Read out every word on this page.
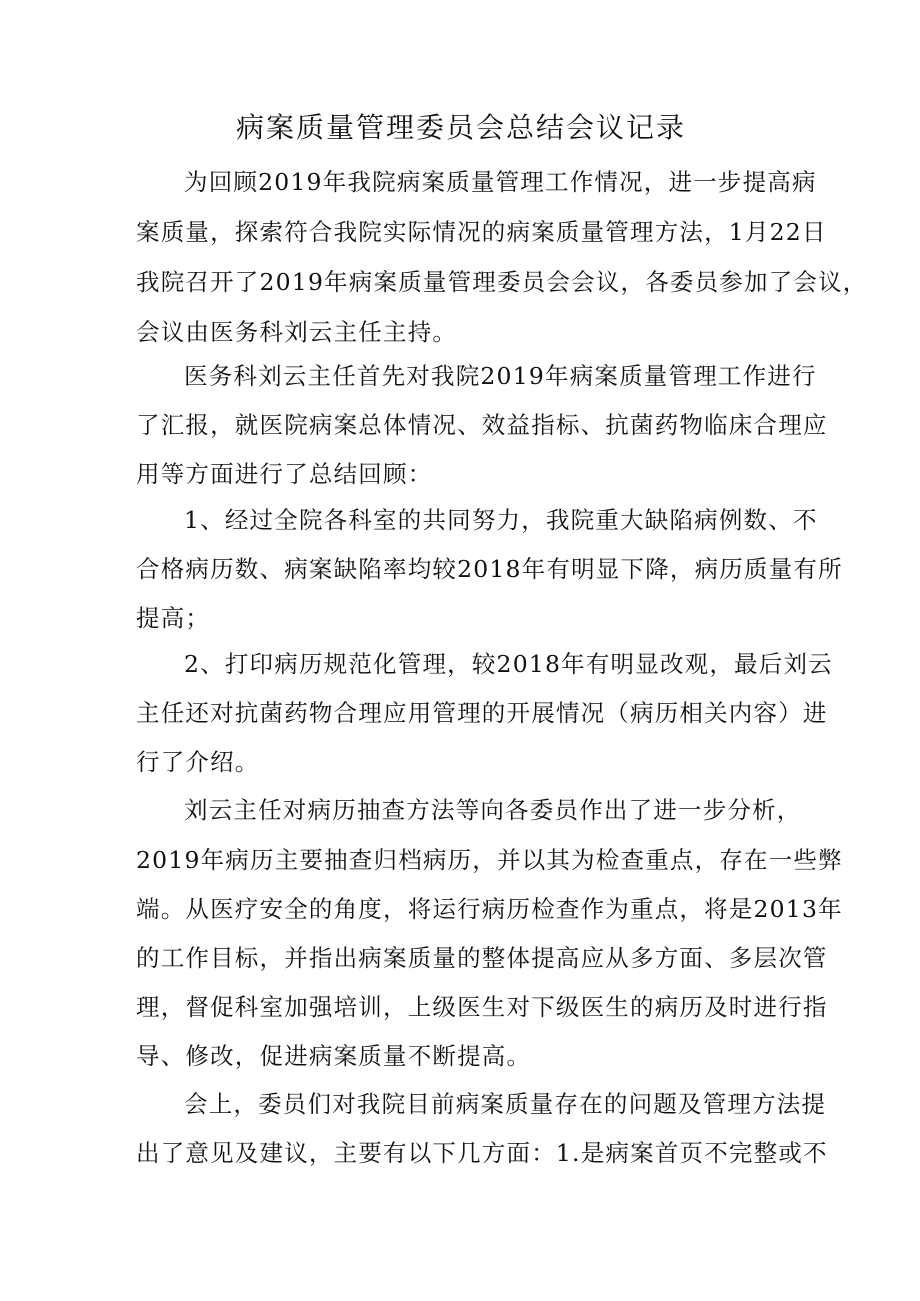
病案质量管理委员会总结会议记录
为回顾2019年我院病案质量管理工作情况，进一步提高病
案质量，探索符合我院实际情况的病案质量管理方法，1月22日
我院召开了2019年病案质量管理委员会会议，各委员参加了会议，
会议由医务科刘云主任主持。
医务科刘云主任首先对我院2019年病案质量管理工作进行
了汇报，就医院病案总体情况、效益指标、抗菌药物临床合理应
用等方面进行了总结回顾：
1、经过全院各科室的共同努力，我院重大缺陷病例数、不
合格病历数、病案缺陷率均较2018年有明显下降，病历质量有所
提高；
2、打印病历规范化管理，较2018年有明显改观，最后刘云
主任还对抗菌药物合理应用管理的开展情况（病历相关内容）进
行了介绍。
刘云主任对病历抽查方法等向各委员作出了进一步分析，
2019年病历主要抽查归档病历，并以其为检查重点，存在一些弊
端。从医疗安全的角度，将运行病历检查作为重点，将是2013年
的工作目标，并指出病案质量的整体提高应从多方面、多层次管
理，督促科室加强培训，上级医生对下级医生的病历及时进行指
导、修改，促进病案质量不断提高。
会上，委员们对我院目前病案质量存在的问题及管理方法提
出了意见及建议，主要有以下几方面：1.是病案首页不完整或不
